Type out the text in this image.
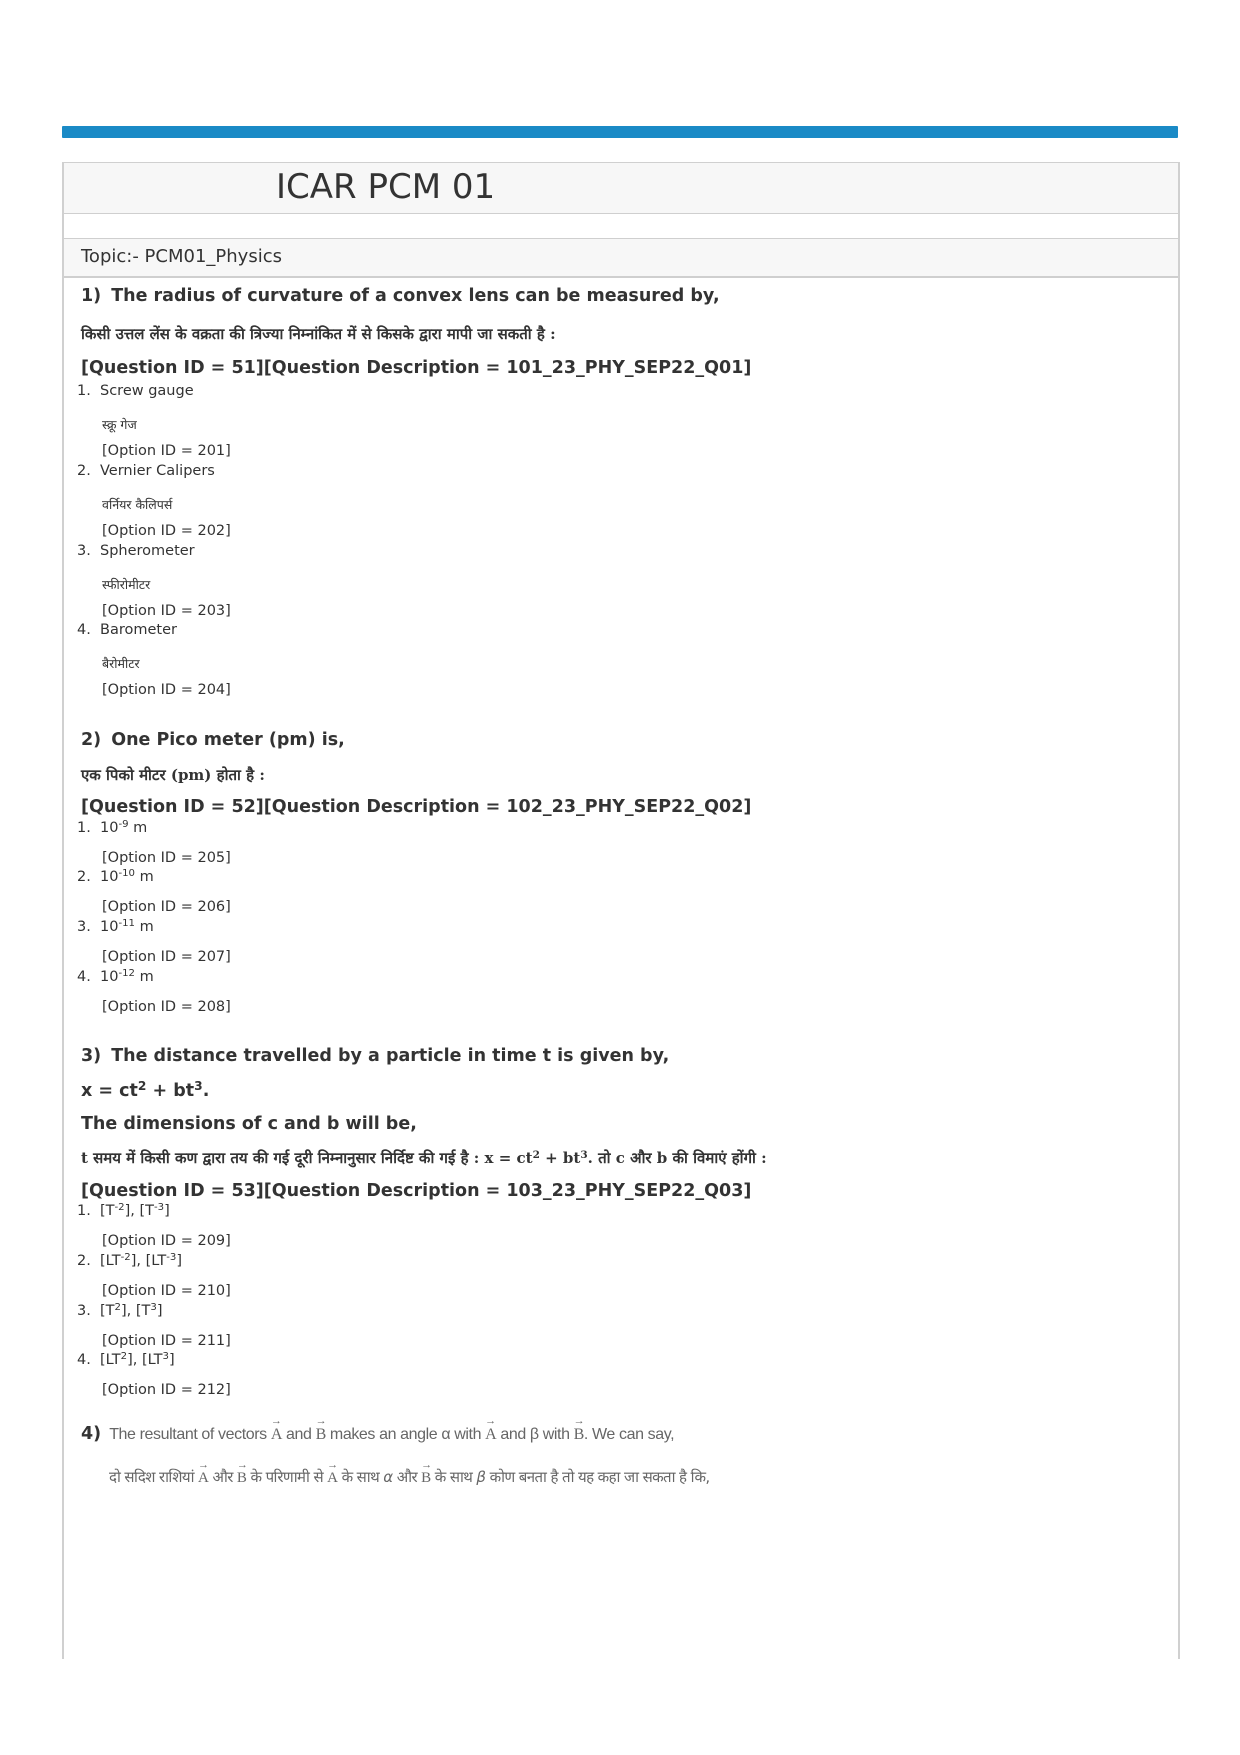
ICAR PCM 01
Topic:- PCM01_Physics
1) The radius of curvature of a convex lens can be measured by,
किसी उत्तल लेंस के वक्रता की त्रिज्या निम्नांकित में से किसके द्वारा मापी जा सकती है :
[Question ID = 51][Question Description = 101_23_PHY_SEP22_Q01]
1. Screw gauge
स्क्रू गेज
[Option ID = 201]
2. Vernier Calipers
वर्नियर कैलिपर्स
[Option ID = 202]
3. Spherometer
स्फीरोमीटर
[Option ID = 203]
4. Barometer
बैरोमीटर
[Option ID = 204]
2) One Pico meter (pm) is,
एक पिको मीटर (pm) होता है :
[Question ID = 52][Question Description = 102_23_PHY_SEP22_Q02]
1. $10^{-9}$ m
[Option ID = 205]
2. $10^{-10}$ m
[Option ID = 206]
3. $10^{-11}$ m
[Option ID = 207]
4. $10^{-12}$ m
[Option ID = 208]
3) The distance travelled by a particle in time t is given by,
$x = ct^2 + bt^3$.
The dimensions of c and b will be,
t समय में किसी कण द्वारा तय की गई दूरी निम्नानुसार निर्दिष्ट की गई है : $x = ct^2 + bt^3$. तो c और b की विमाएं होंगी :
[Question ID = 53][Question Description = 103_23_PHY_SEP22_Q03]
1. $[T^{-2}]$, $[T^{-3}]$
[Option ID = 209]
2. $[LT^{-2}]$, $[LT^{-3}]$
[Option ID = 210]
3. $[T^2]$, $[T^3]$
[Option ID = 211]
4. $[LT^2]$, $[LT^3]$
[Option ID = 212]
4) The resultant of vectors → A and → B makes an angle α with → A and β with → B. We can say,
दो सदिश राशियां → A और → B के परिणामी से → A के साथ α और → B के साथ β कोण बनता है तो यह कहा जा सकता है कि,
